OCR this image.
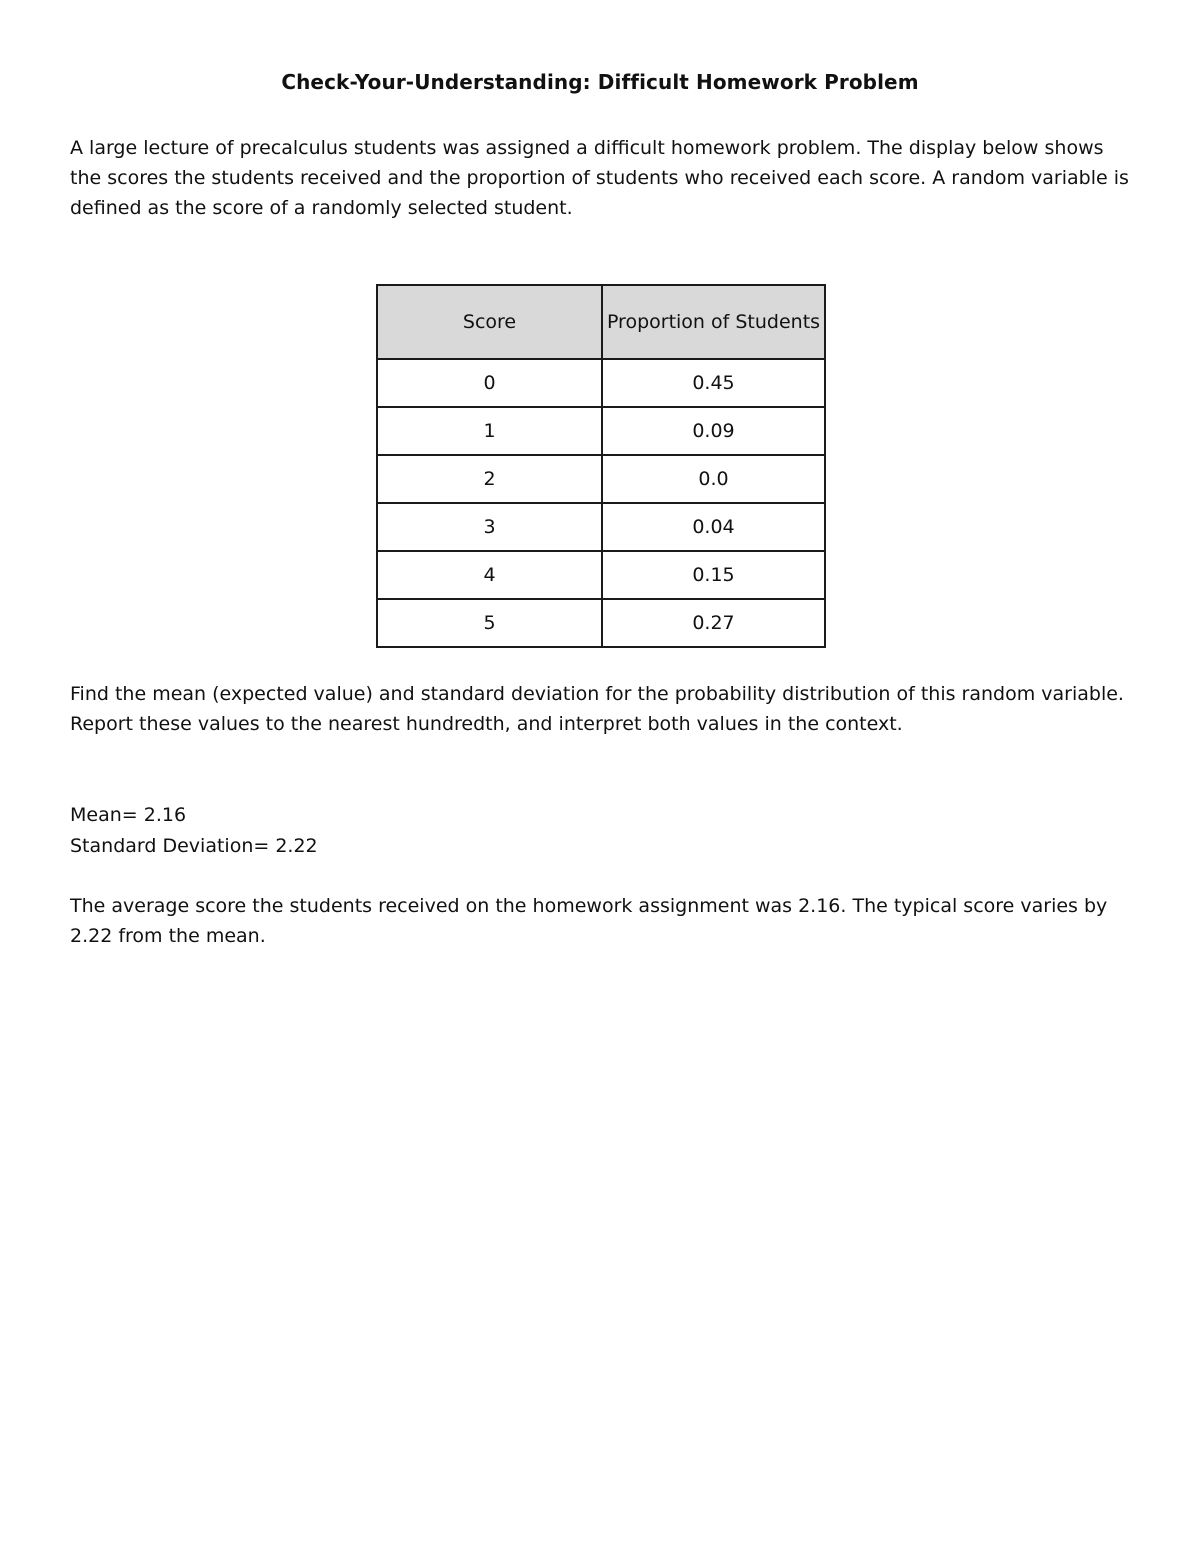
Check-Your-Understanding: Difficult Homework Problem

A large lecture of precalculus students was assigned a difficult homework problem. The display below shows the scores the students received and the proportion of students who received each score. A random variable is defined as the score of a randomly selected student.

Score	Proportion of Students
0	0.45
1	0.09
2	0.0
3	0.04
4	0.15
5	0.27

Find the mean (expected value) and standard deviation for the probability distribution of this random variable. Report these values to the nearest hundredth, and interpret both values in the context.

Mean= 2.16

Standard Deviation= 2.22

The average score the students received on the homework assignment was 2.16. The typical score varies by 2.22 from the mean.
